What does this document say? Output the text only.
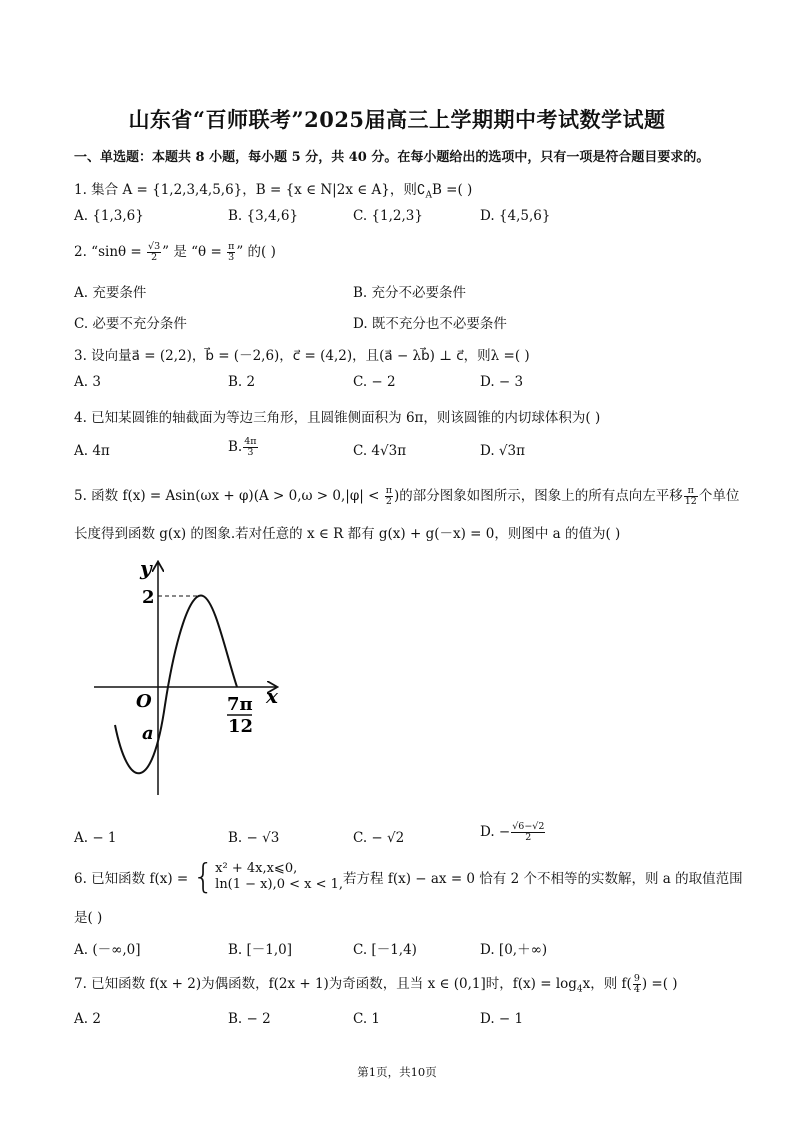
山东省“百师联考”2025届高三上学期期中考试数学试题
一、单选题：本题共 8 小题，每小题 5 分，共 40 分。在每小题给出的选项中，只有一项是符合题目要求的。
1. 集合 A = {1,2,3,4,5,6}，B = {x ∈ N|2x ∈ A}，则$∁_AB$ =( )
A. {1,3,6}	B. {3,4,6}	C. {1,2,3}	D. {4,5,6}
2. “$\sin\theta = \frac{√3}{2}$ ” 是 “$\theta = \frac{\pi}{3}$ ” 的( )
A. 充要条件	B. 充分不必要条件
C. 必要不充分条件	D. 既不充分也不必要条件
3. 设向量a⃗ = (2,2)，b⃗ = (－2,6)，c⃗ = (4,2)，且(a⃗ − λb⃗) ⊥ c⃗，则λ =( )
A. 3	B. 2	C. − 2	D. − 3
4. 已知某圆锥的轴截面为等边三角形，且圆锥侧面积为 6π，则该圆锥的内切球体积为( )
A. 4π	B. $\frac{4\pi}{3}$	C. 4√3π	D. √3π
5. 函数 $f(x) = Asin(\omega x + \varphi)(A > 0,\omega > 0,|\varphi| < \frac{\pi}{2}$ )的部分图象如图所示，图象上的所有点向左平移 $\frac{\pi}{12}$ 个单位
长度得到函数 g(x) 的图象.若对任意的 x ∈ R 都有 g(x) + g(－x) = 0，则图中 a 的值为( )
y
x
O
2
a
7π
12
A. − 1	B. − √3	C. − √2	D. − $\frac{√6-√2}{2}$
6. 已知函数 f(x) = { x² + 4x,x⩽0,
ln(1 − x),0 < x < 1, 若方程 f(x) − ax = 0 恰有 2 个不相等的实数解，则 a 的取值范围
是( )
A. (－∞,0]	B. [－1,0]	C. [－1,4)	D. [0,＋∞)
7. 已知函数 f(x + 2)为偶函数，f(2x + 1)为奇函数，且当 x ∈ (0,1]时，$f(x) = \log_4x$，则 $f( \frac{9}{4}$ ) =( )
A. 2	B. − 2	C. 1	D. − 1
第1页，共10页
